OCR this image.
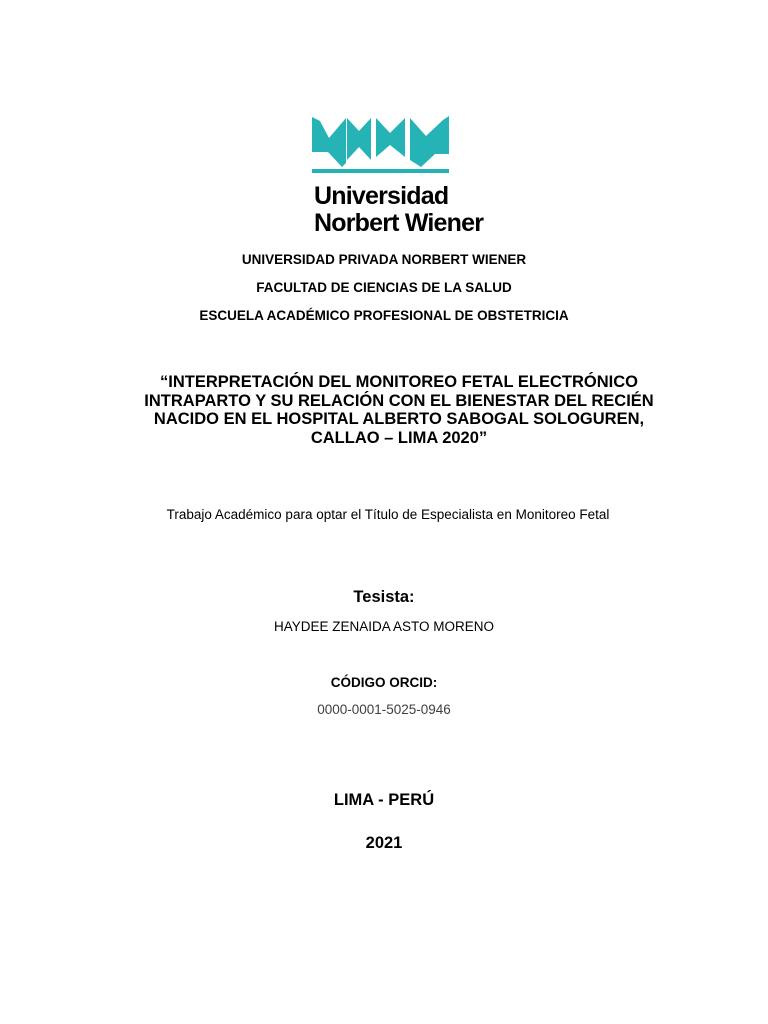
Universidad
Norbert Wiener
UNIVERSIDAD PRIVADA NORBERT WIENER
FACULTAD DE CIENCIAS DE LA SALUD
ESCUELA ACADÉMICO PROFESIONAL DE OBSTETRICIA
“INTERPRETACIÓN DEL MONITOREO FETAL ELECTRÓNICO INTRAPARTO Y SU RELACIÓN CON EL BIENESTAR DEL RECIÉN NACIDO EN EL HOSPITAL ALBERTO SABOGAL SOLOGUREN, CALLAO – LIMA 2020”
Trabajo Académico para optar el Título de Especialista en Monitoreo Fetal
Tesista:
HAYDEE ZENAIDA ASTO MORENO
CÓDIGO ORCID:
0000-0001-5025-0946
LIMA - PERÚ
2021
